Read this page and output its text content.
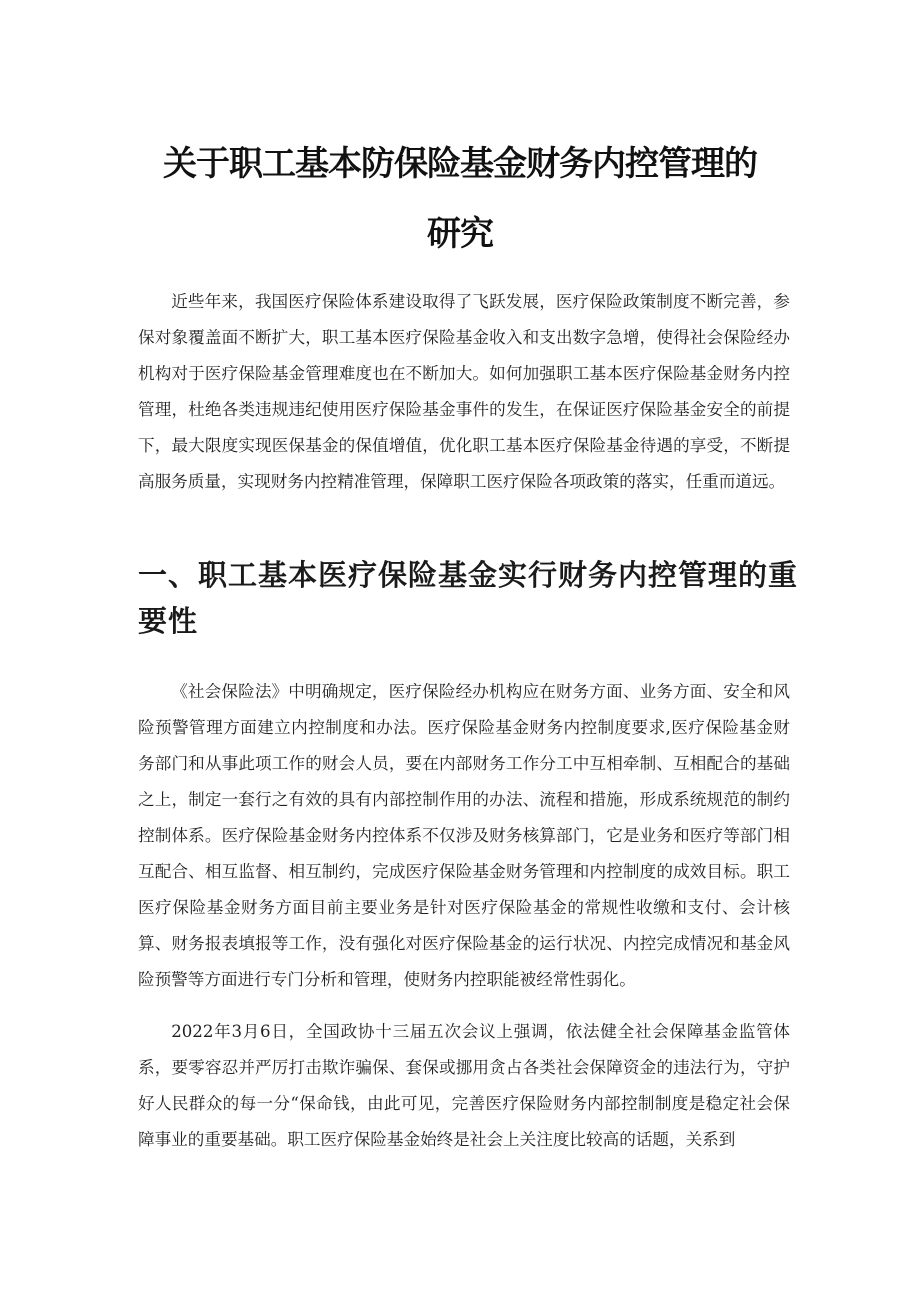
关于职工基本防保险基金财务内控管理的
研究

近些年来，我国医疗保险体系建设取得了飞跃发展，医疗保险政策制度不断完善，参保对象覆盖面不断扩大，职工基本医疗保险基金收入和支出数字急增，使得社会保险经办机构对于医疗保险基金管理难度也在不断加大。如何加强职工基本医疗保险基金财务内控管理，杜绝各类违规违纪使用医疗保险基金事件的发生，在保证医疗保险基金安全的前提下，最大限度实现医保基金的保值增值，优化职工基本医疗保险基金待遇的享受，不断提高服务质量，实现财务内控精准管理，保障职工医疗保险各项政策的落实，任重而道远。

一、职工基本医疗保险基金实行财务内控管理的重要性

《社会保险法》中明确规定，医疗保险经办机构应在财务方面、业务方面、安全和风险预警管理方面建立内控制度和办法。医疗保险基金财务内控制度要求,医疗保险基金财务部门和从事此项工作的财会人员，要在内部财务工作分工中互相牵制、互相配合的基础之上，制定一套行之有效的具有内部控制作用的办法、流程和措施，形成系统规范的制约控制体系。医疗保险基金财务内控体系不仅涉及财务核算部门，它是业务和医疗等部门相互配合、相互监督、相互制约，完成医疗保险基金财务管理和内控制度的成效目标。职工医疗保险基金财务方面目前主要业务是针对医疗保险基金的常规性收缴和支付、会计核算、财务报表填报等工作，没有强化对医疗保险基金的运行状况、内控完成情况和基金风险预警等方面进行专门分析和管理，使财务内控职能被经常性弱化。

2022年3月6日，全国政协十三届五次会议上强调，依法健全社会保障基金监管体系，要零容忍并严厉打击欺诈骗保、套保或挪用贪占各类社会保障资金的违法行为，守护好人民群众的每一分“保命钱，由此可见，完善医疗保险财务内部控制制度是稳定社会保障事业的重要基础。职工医疗保险基金始终是社会上关注度比较高的话题，关系到
